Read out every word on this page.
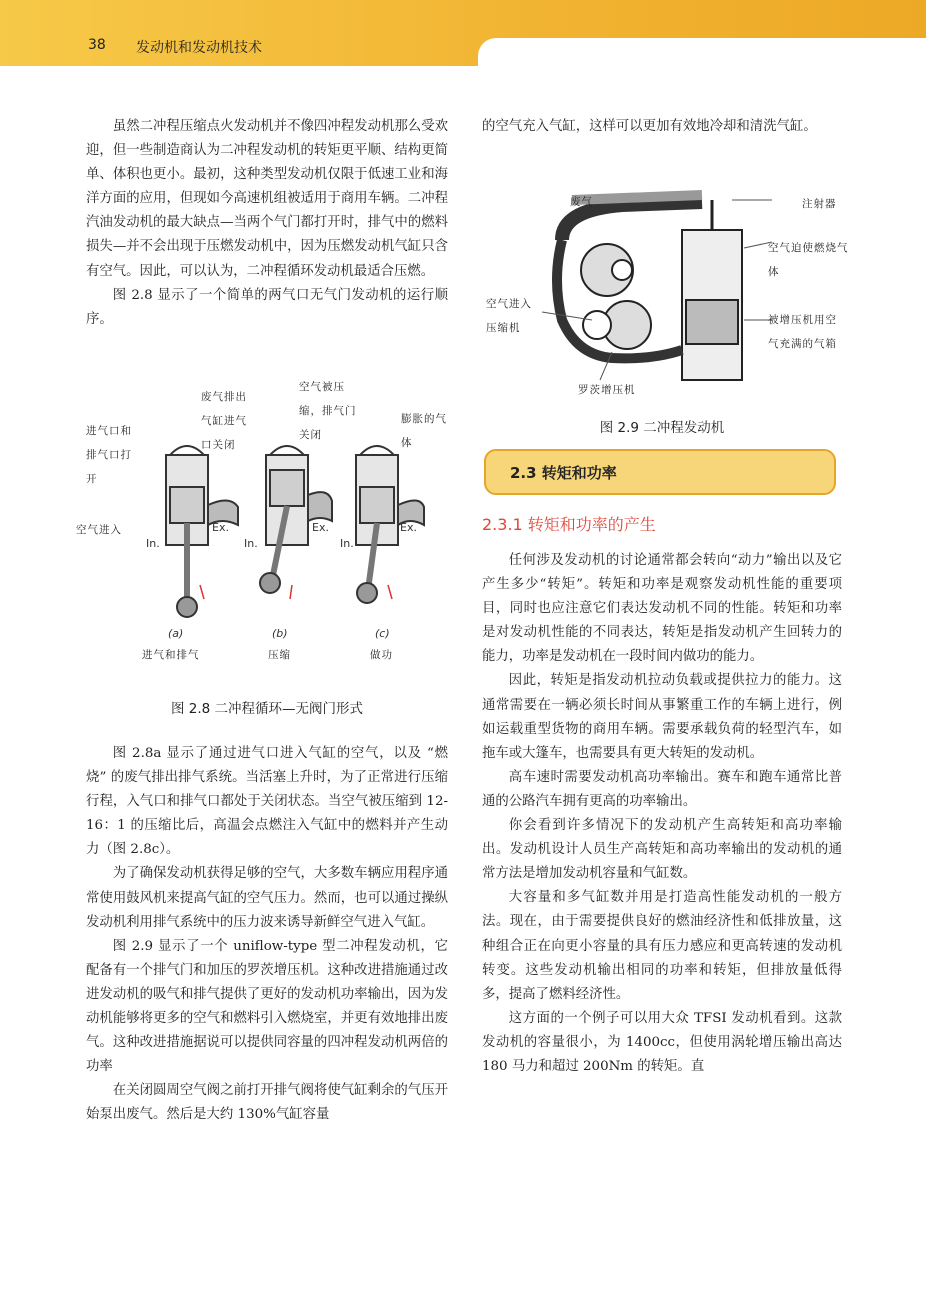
38 发动机和发动机技术

虽然二冲程压缩点火发动机并不像四冲程发动机那么受欢迎，但一些制造商认为二冲程发动机的转矩更平顺、结构更简单、体积也更小。最初，这种类型发动机仅限于低速工业和海洋方面的应用，但现如今高速机组被适用于商用车辆。二冲程汽油发动机的最大缺点—当两个气门都打开时，排气中的燃料损失—并不会出现于压燃发动机中，因为压燃发动机气缸只含有空气。因此，可以认为，二冲程循环发动机最适合压燃。

图 2.8 显示了一个简单的两气口无气门发动机的运行顺序。

进气口和
排气口打
开
废气排出
气缸进气
口关闭
空气被压
缩，排气门
关闭
膨胀的气
体
空气进入
In.
Ex.
In.
Ex.
In.
Ex.
(a)	(b)	(c)
进气和排气	压缩	做功
图 2.8 二冲程循环—无阀门形式

图 2.8a 显示了通过进气口进入气缸的空气，以及 “燃烧” 的废气排出排气系统。当活塞上升时，为了正常进行压缩行程，入气口和排气口都处于关闭状态。当空气被压缩到 12-16：1 的压缩比后，高温会点燃注入气缸中的燃料并产生动力（图 2.8c）。

为了确保发动机获得足够的空气，大多数车辆应用程序通常使用鼓风机来提高气缸的空气压力。然而，也可以通过操纵发动机利用排气系统中的压力波来诱导新鲜空气进入气缸。

图 2.9 显示了一个 uniflow-type 型二冲程发动机，它配备有一个排气门和加压的罗茨增压机。这种改进措施通过改进发动机的吸气和排气提供了更好的发动机功率输出，因为发动机能够将更多的空气和燃料引入燃烧室，并更有效地排出废气。这种改进措施据说可以提供同容量的四冲程发动机两倍的功率

在关闭圆周空气阀之前打开排气阀将使气缸剩余的气压开始泵出废气。然后是大约 130%气缸容量

的空气充入气缸，这样可以更加有效地冷却和清洗气缸。

废气	注射器
空气迫使燃烧气
体
空气进入
压缩机
被增压机用空
气充满的气箱
罗茨增压机
图 2.9 二冲程发动机
2.3 转矩和功率
2.3.1 转矩和功率的产生

任何涉及发动机的讨论通常都会转向“动力”输出以及它产生多少“转矩”。转矩和功率是观察发动机性能的重要项目，同时也应注意它们表达发动机不同的性能。转矩和功率是对发动机性能的不同表达，转矩是指发动机产生回转力的能力，功率是发动机在一段时间内做功的能力。

因此，转矩是指发动机拉动负载或提供拉力的能力。这通常需要在一辆必须长时间从事繁重工作的车辆上进行，例如运载重型货物的商用车辆。需要承载负荷的轻型汽车，如拖车或大篷车，也需要具有更大转矩的发动机。

高车速时需要发动机高功率输出。赛车和跑车通常比普通的公路汽车拥有更高的功率输出。

你会看到许多情况下的发动机产生高转矩和高功率输出。发动机设计人员生产高转矩和高功率输出的发动机的通常方法是增加发动机容量和气缸数。

大容量和多气缸数并用是打造高性能发动机的一般方法。现在，由于需要提供良好的燃油经济性和低排放量，这种组合正在向更小容量的具有压力感应和更高转速的发动机转变。这些发动机输出相同的功率和转矩，但排放量低得多，提高了燃料经济性。

这方面的一个例子可以用大众 TFSI 发动机看到。这款发动机的容量很小，为 1400cc，但使用涡轮增压输出高达 180 马力和超过 200Nm 的转矩。直
